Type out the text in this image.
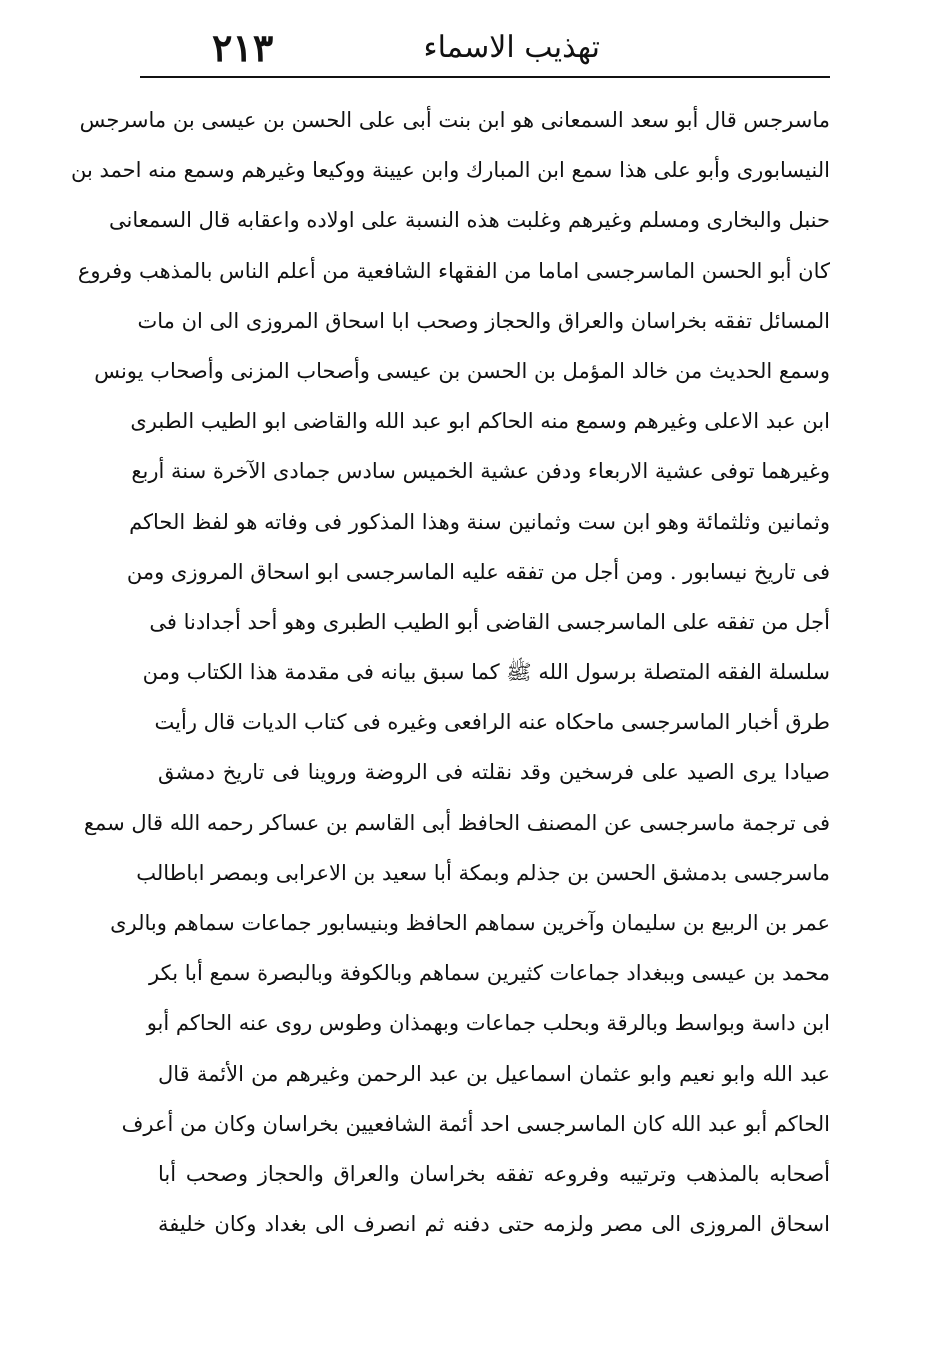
٢١٣	تهذيب الاسماء
ماسرجس قال أبو سعد السمعانى هو ابن بنت أبى على الحسن بن عيسى بن ماسرجس
النيسابورى وأبو على هذا سمع ابن المبارك وابن عيينة ووكيعا وغيرهم وسمع منه احمد بن
حنبل والبخارى ومسلم وغيرهم وغلبت هذه النسبة على اولاده واعقابه قال السمعانى
كان أبو الحسن الماسرجسى اماما من الفقهاء الشافعية من أعلم الناس بالمذهب وفروع
المسائل تفقه بخراسان والعراق والحجاز وصحب ابا اسحاق المروزى الى ان مات
وسمع الحديث من خالد المؤمل بن الحسن بن عيسى وأصحاب المزنى وأصحاب يونس
ابن عبد الاعلى وغيرهم وسمع منه الحاكم ابو عبد الله والقاضى ابو الطيب الطبرى
وغيرهما توفى عشية الاربعاء ودفن عشية الخميس سادس جمادى الآخرة سنة أربع
وثمانين وثلثمائة وهو ابن ست وثمانين سنة وهذا المذكور فى وفاته هو لفظ الحاكم
فى تاريخ نيسابور . ومن أجل من تفقه عليه الماسرجسى ابو اسحاق المروزى ومن
أجل من تفقه على الماسرجسى القاضى أبو الطيب الطبرى وهو أحد أجدادنا فى
سلسلة الفقه المتصلة برسول الله ﷺ كما سبق بيانه فى مقدمة هذا الكتاب ومن
طرق أخبار الماسرجسى ماحكاه عنه الرافعى وغيره فى كتاب الديات قال رأيت
صيادا يرى الصيد على فرسخين وقد نقلته فى الروضة وروينا فى تاريخ دمشق
فى ترجمة ماسرجسى عن المصنف الحافظ أبى القاسم بن عساكر رحمه الله قال سمع
ماسرجسى بدمشق الحسن بن جذلم وبمكة أبا سعيد بن الاعرابى وبمصر اباطالب
عمر بن الربيع بن سليمان وآخرين سماهم الحافظ وبنيسابور جماعات سماهم وبالرى
محمد بن عيسى وببغداد جماعات كثيرين سماهم وبالكوفة وبالبصرة سمع أبا بكر
ابن داسة وبواسط وبالرقة وبحلب جماعات وبهمذان وطوس روى عنه الحاكم أبو
عبد الله وابو نعيم وابو عثمان اسماعيل بن عبد الرحمن وغيرهم من الأئمة قال
الحاكم أبو عبد الله كان الماسرجسى احد أئمة الشافعيين بخراسان وكان من أعرف
أصحابه بالمذهب وترتيبه وفروعه تفقه بخراسان والعراق والحجاز وصحب أبا
اسحاق المروزى الى مصر ولزمه حتى دفنه ثم انصرف الى بغداد وكان خليفة
